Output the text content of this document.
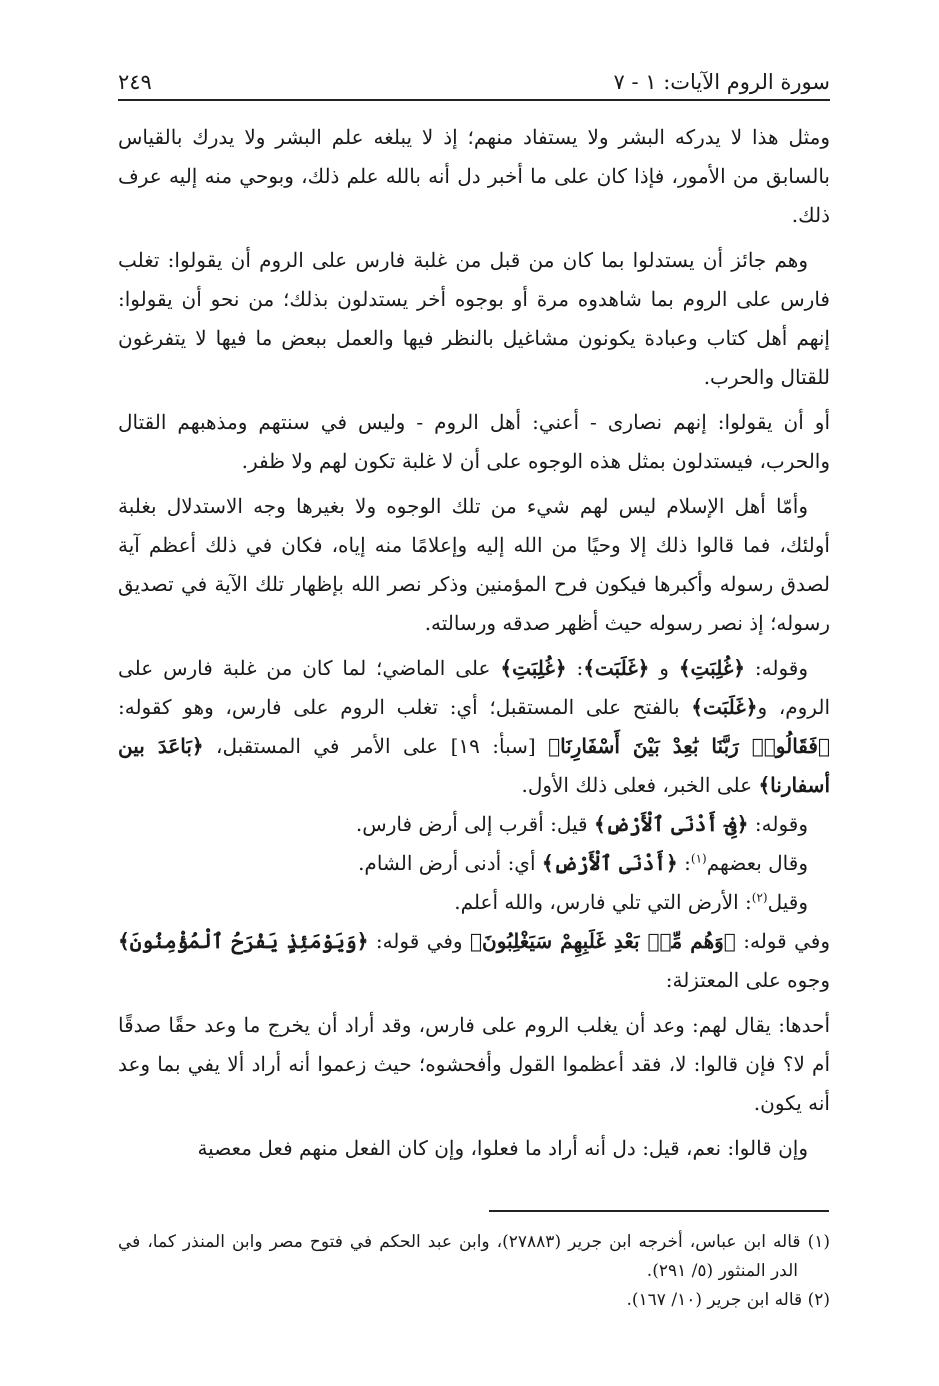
سورة الروم الآيات: ١ - ٧
٢٤٩

ومثل هذا لا يدركه البشر ولا يستفاد منهم؛ إذ لا يبلغه علم البشر ولا يدرك بالقياس بالسابق من الأمور، فإذا كان على ما أخبر دل أنه بالله علم ذلك، وبوحي منه إليه عرف ذلك.

وهم جائز أن يستدلوا بما كان من قبل من غلبة فارس على الروم أن يقولوا: تغلب فارس على الروم بما شاهدوه مرة أو بوجوه أخر يستدلون بذلك؛ من نحو أن يقولوا: إنهم أهل كتاب وعبادة يكونون مشاغيل بالنظر فيها والعمل ببعض ما فيها لا يتفرغون للقتال والحرب.

أو أن يقولوا: إنهم نصارى - أعني: أهل الروم - وليس في سنتهم ومذهبهم القتال والحرب، فيستدلون بمثل هذه الوجوه على أن لا غلبة تكون لهم ولا ظفر.

وأمّا أهل الإسلام ليس لهم شيء من تلك الوجوه ولا بغيرها وجه الاستدلال بغلبة أولئك، فما قالوا ذلك إلا وحيًا من الله إليه وإعلامًا منه إياه، فكان في ذلك أعظم آية لصدق رسوله وأكبرها فيكون فرح المؤمنين وذكر نصر الله بإظهار تلك الآية في تصديق رسوله؛ إذ نصر رسوله حيث أظهر صدقه ورسالته.

وقوله: ﴿غُلِبَتِ﴾ و ﴿غَلَبَت﴾: ﴿غُلِبَتِ﴾ على الماضي؛ لما كان من غلبة فارس على الروم، و﴿غَلَبَت﴾ بالفتح على المستقبل؛ أي: تغلب الروم على فارس، وهو كقوله: ﴿فَقَالُوا۟ رَبَّنَا بَٰعِدْ بَيْنَ أَسْفَارِنَا﴾ [سبأ: ١٩] على الأمر في المستقبل، ﴿بَاعَدَ بين أسفارنا﴾ على الخبر، فعلى ذلك الأول.

وقوله: ﴿فِىٓ أَدْنَى ٱلْأَرْضِ﴾ قيل: أقرب إلى أرض فارس.

وقال بعضهم$^{(١)}$: ﴿أَدْنَى ٱلْأَرْضِ﴾ أي: أدنى أرض الشام.

وقيل$^{(٢)}$: الأرض التي تلي فارس، والله أعلم.

وفي قوله: ﴿وَهُم مِّنۢ بَعْدِ غَلَبِهِمْ سَيَغْلِبُونَ﴾ وفي قوله: ﴿وَيَوْمَئِذٍ يَفْرَحُ ٱلْمُؤْمِنُونَ﴾ وجوه على المعتزلة:

أحدها: يقال لهم: وعد أن يغلب الروم على فارس، وقد أراد أن يخرج ما وعد حقًا صدقًا أم لا؟ فإن قالوا: لا، فقد أعظموا القول وأفحشوه؛ حيث زعموا أنه أراد ألا يفي بما وعد أنه يكون.

وإن قالوا: نعم، قيل: دل أنه أراد ما فعلوا، وإن كان الفعل منهم فعل معصية

(١) قاله ابن عباس، أخرجه ابن جرير (٢٧٨٨٣)، وابن عبد الحكم في فتوح مصر وابن المنذر كما، في الدر المنثور (٥/ ٢٩١).

(٢) قاله ابن جرير (١٠/ ١٦٧).
